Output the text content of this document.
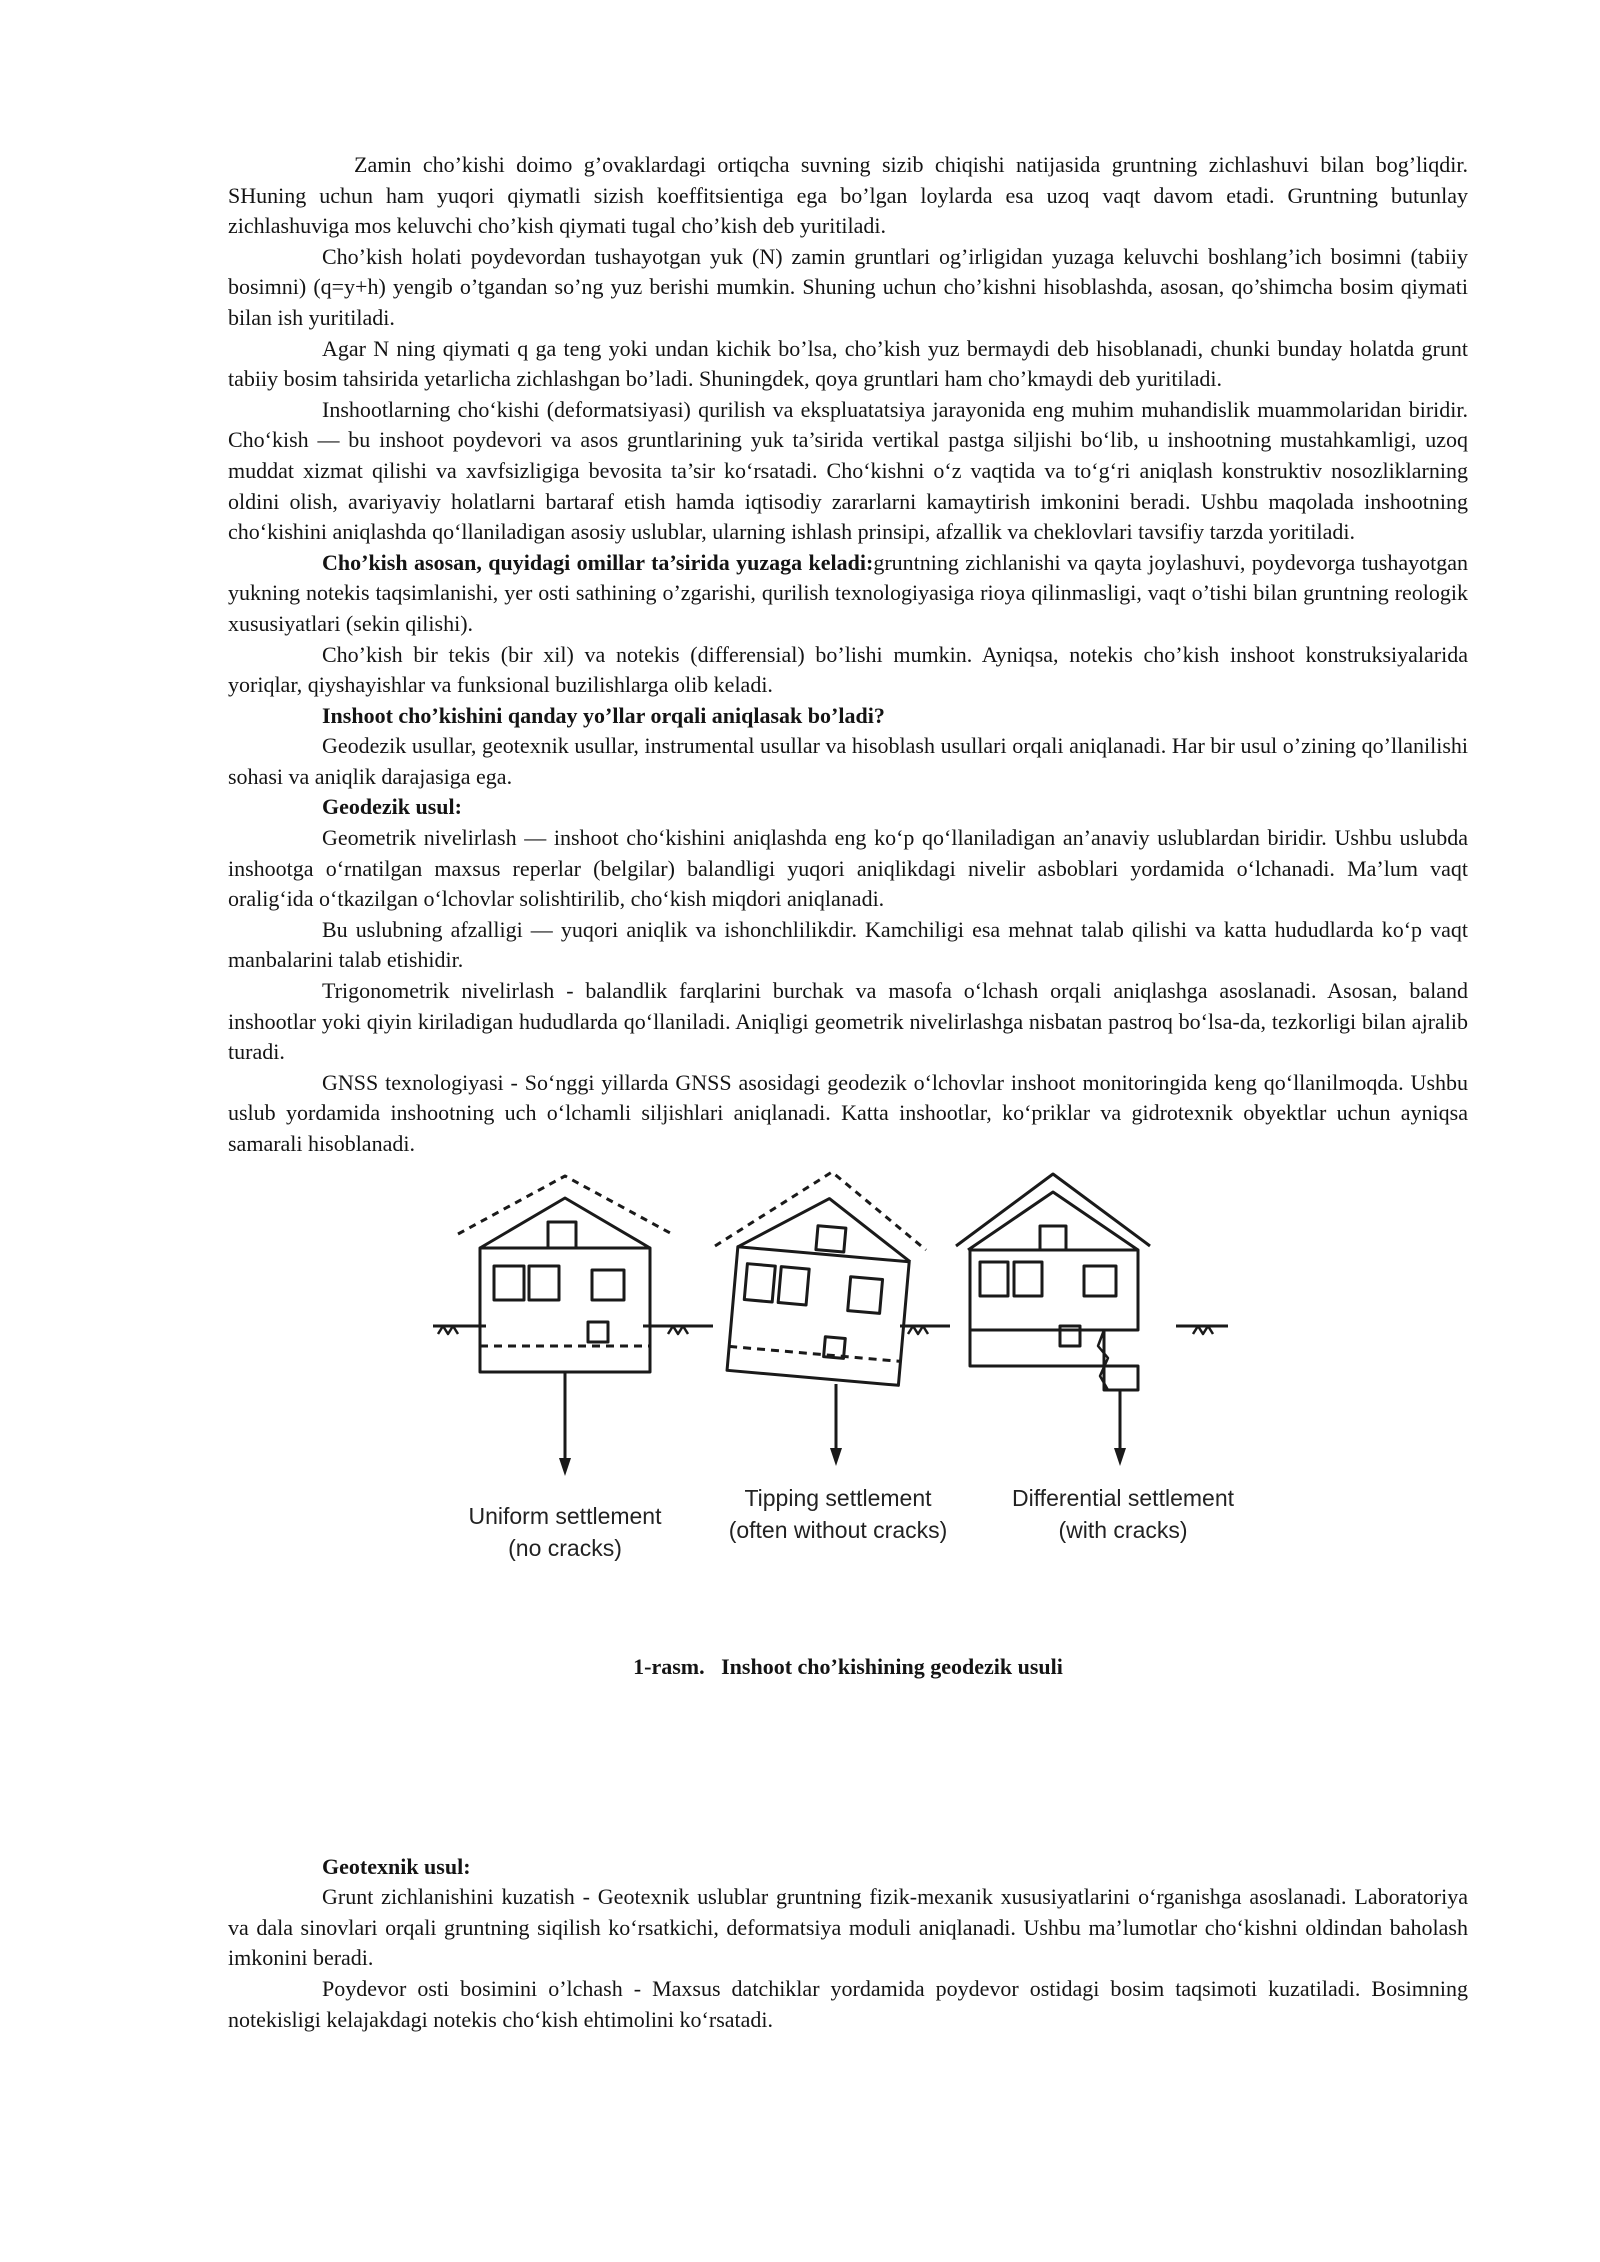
Zamin cho’kishi doimo g’ovaklardagi ortiqcha suvning sizib chiqishi natijasida gruntning zichlashuvi bilan bog’liqdir. SHuning uchun ham yuqori qiymatli sizish koeffitsientiga ega bo’lgan loylarda esa uzoq vaqt davom etadi. Gruntning butunlay zichlashuviga mos keluvchi cho’kish qiymati tugal cho’kish deb yuritiladi.

Cho’kish holati poydevordan tushayotgan yuk (N) zamin gruntlari og’irligidan yuzaga keluvchi boshlang’ich bosimni (tabiiy bosimni) (q=y+h) yengib o’tgandan so’ng yuz berishi mumkin. Shuning uchun cho’kishni hisoblashda, asosan, qo’shimcha bosim qiymati bilan ish yuritiladi.

Agar N ning qiymati q ga teng yoki undan kichik bo’lsa, cho’kish yuz bermaydi deb hisoblanadi, chunki bunday holatda grunt tabiiy bosim tahsirida yetarlicha zichlashgan bo’ladi. Shuningdek, qoya gruntlari ham cho’kmaydi deb yuritiladi.

Inshootlarning cho‘kishi (deformatsiyasi) qurilish va ekspluatatsiya jarayonida eng muhim muhandislik muammolaridan biridir. Cho‘kish — bu inshoot poydevori va asos gruntlarining yuk ta’sirida vertikal pastga siljishi bo‘lib, u inshootning mustahkamligi, uzoq muddat xizmat qilishi va xavfsizligiga bevosita ta’sir ko‘rsatadi. Cho‘kishni o‘z vaqtida va to‘g‘ri aniqlash konstruktiv nosozliklarning oldini olish, avariyaviy holatlarni bartaraf etish hamda iqtisodiy zararlarni kamaytirish imkonini beradi. Ushbu maqolada inshootning cho‘kishini aniqlashda qo‘llaniladigan asosiy uslublar, ularning ishlash prinsipi, afzallik va cheklovlari tavsifiy tarzda yoritiladi.

Cho’kish asosan, quyidagi omillar ta’sirida yuzaga keladi:gruntning zichlanishi va qayta joylashuvi, poydevorga tushayotgan yukning notekis taqsimlanishi, yer osti sathining o’zgarishi, qurilish texnologiyasiga rioya qilinmasligi, vaqt o’tishi bilan gruntning reologik xususiyatlari (sekin qilishi).

Cho’kish bir tekis (bir xil) va notekis (differensial) bo’lishi mumkin. Ayniqsa, notekis cho’kish inshoot konstruksiyalarida yoriqlar, qiyshayishlar va funksional buzilishlarga olib keladi.

Inshoot cho’kishini qanday yo’llar orqali aniqlasak bo’ladi?

Geodezik usullar, geotexnik usullar, instrumental usullar va hisoblash usullari orqali aniqlanadi. Har bir usul o’zining qo’llanilishi sohasi va aniqlik darajasiga ega.

Geodezik usul:

Geometrik nivelirlash — inshoot cho‘kishini aniqlashda eng ko‘p qo‘llaniladigan an’anaviy uslublardan biridir. Ushbu uslubda inshootga o‘rnatilgan maxsus reperlar (belgilar) balandligi yuqori aniqlikdagi nivelir asboblari yordamida o‘lchanadi. Ma’lum vaqt oralig‘ida o‘tkazilgan o‘lchovlar solishtirilib, cho‘kish miqdori aniqlanadi.

Bu uslubning afzalligi — yuqori aniqlik va ishonchlilikdir. Kamchiligi esa mehnat talab qilishi va katta hududlarda ko‘p vaqt manbalarini talab etishidir.

Trigonometrik nivelirlash - balandlik farqlarini burchak va masofa o‘lchash orqali aniqlashga asoslanadi. Asosan, baland inshootlar yoki qiyin kiriladigan hududlarda qo‘llaniladi. Aniqligi geometrik nivelirlashga nisbatan pastroq bo‘lsa-da, tezkorligi bilan ajralib turadi.

GNSS texnologiyasi - So‘nggi yillarda GNSS asosidagi geodezik o‘lchovlar inshoot monitoringida keng qo‘llanilmoqda. Ushbu uslub yordamida inshootning uch o‘lchamli siljishlari aniqlanadi. Katta inshootlar, ko‘priklar va gidrotexnik obyektlar uchun ayniqsa samarali hisoblanadi.

Uniform settlement
(no cracks)
Tipping settlement
(often without cracks)
Differential settlement
(with cracks)
1-rasm.   Inshoot cho’kishining geodezik usuli

Geotexnik usul:

Grunt zichlanishini kuzatish - Geotexnik uslublar gruntning fizik-mexanik xususiyatlarini o‘rganishga asoslanadi. Laboratoriya va dala sinovlari orqali gruntning siqilish ko‘rsatkichi, deformatsiya moduli aniqlanadi. Ushbu ma’lumotlar cho‘kishni oldindan baholash imkonini beradi.

Poydevor osti bosimini o’lchash - Maxsus datchiklar yordamida poydevor ostidagi bosim taqsimoti kuzatiladi. Bosimning notekisligi kelajakdagi notekis cho‘kish ehtimolini ko‘rsatadi.
